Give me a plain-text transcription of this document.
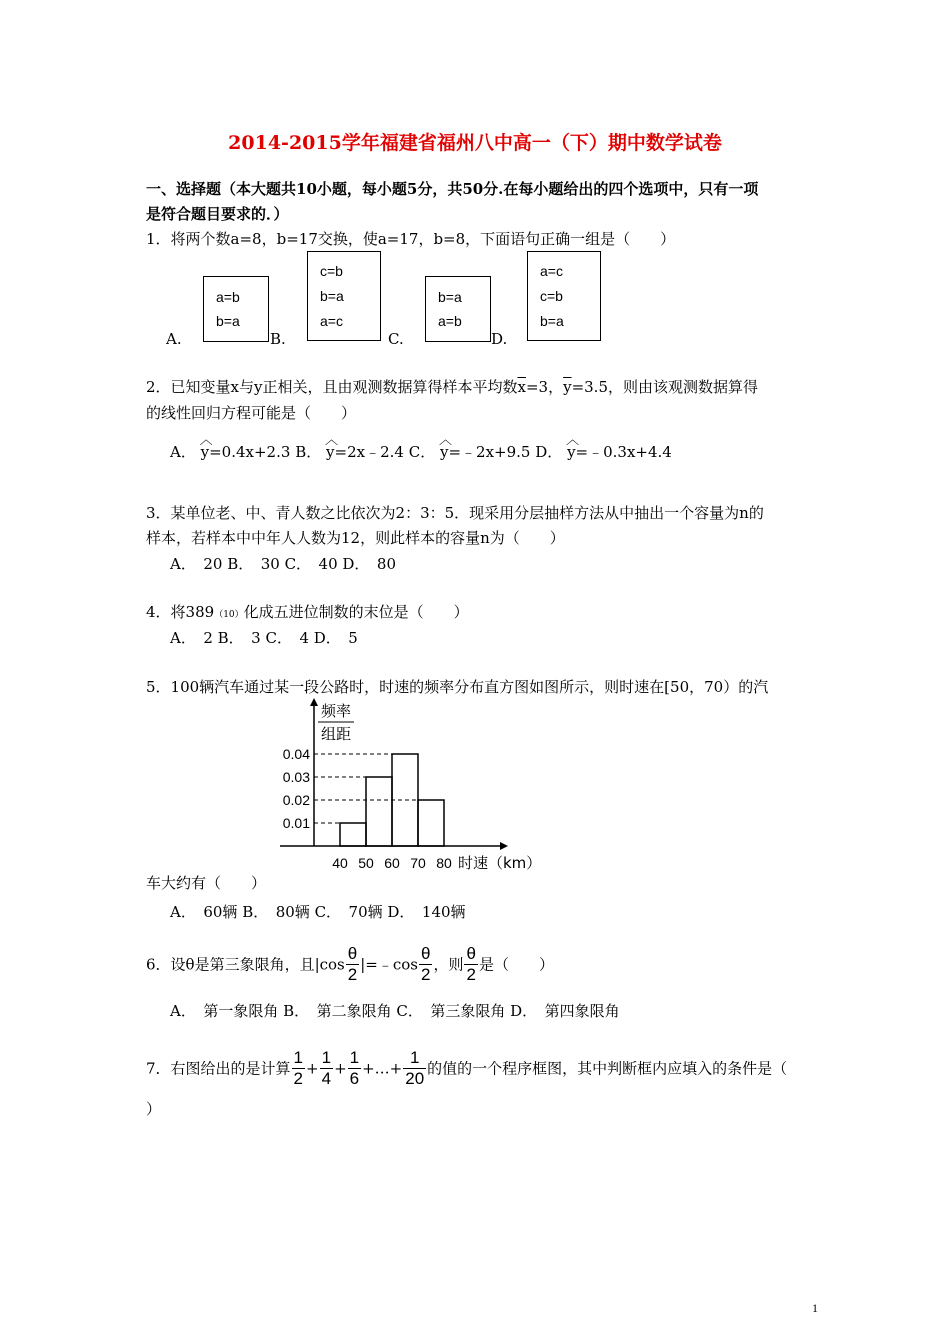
2014-2015学年福建省福州八中高一（下）期中数学试卷
一、选择题（本大题共10小题，每小题5分，共50分.在每小题给出的四个选项中，只有一项
是符合题目要求的．）
1．将两个数a=8，b=17交换，使a=17，b=8，下面语句正确一组是（　　）
A.
a=b
b=a
B.
c=b
b=a
a=c
C.
b=a
a=b
D.
a=c
c=b
b=a
2．已知变量x与y正相关，且由观测数据算得样本平均数$\overline{x}=3$，$\overline{y}=3.5$，则由该观测数据算得
的线性回归方程可能是（　　）
A． ︿ y=0.4x+2.3 B． ︿ y=2x﹣2.4 C． ︿ y=﹣2x+9.5 D． ︿ y=﹣0.3x+4.4
3．某单位老、中、青人数之比依次为2：3：5．现采用分层抽样方法从中抽出一个容量为n的
样本，若样本中中年人人数为12，则此样本的容量n为（　　）
A．　20 B．　30 C．　40 D．　80
4．将389（10）化成五进位制数的末位是（　　）
A．　2 B．　3 C．　4 D．　5
5．100辆汽车通过某一段公路时，时速的频率分布直方图如图所示，则时速在[50，70）的汽
0.01
0.02
0.03
0.04
40 50 60 70 80 时速（km）
频率
组距
车大约有（　　）
A．　60辆 B．　80辆 C．　70辆 D．　140辆
6．设θ是第三象限角，且$|\cos \frac{\theta}{2}$ |=﹣cos $\frac{\theta}{2}$ ，则 $\frac{\theta}{2}$ 是（　　）
A．　第一象限角 B．　第二象限角 C．　第三象限角 D．　第四象限角
7．右图给出的是计算 $\frac{1}{2} + \frac{1}{4} + \frac{1}{6}$ +…+ $\frac{1}{20}$ 的值的一个程序框图，其中判断框内应填入的条件是（
）
1
